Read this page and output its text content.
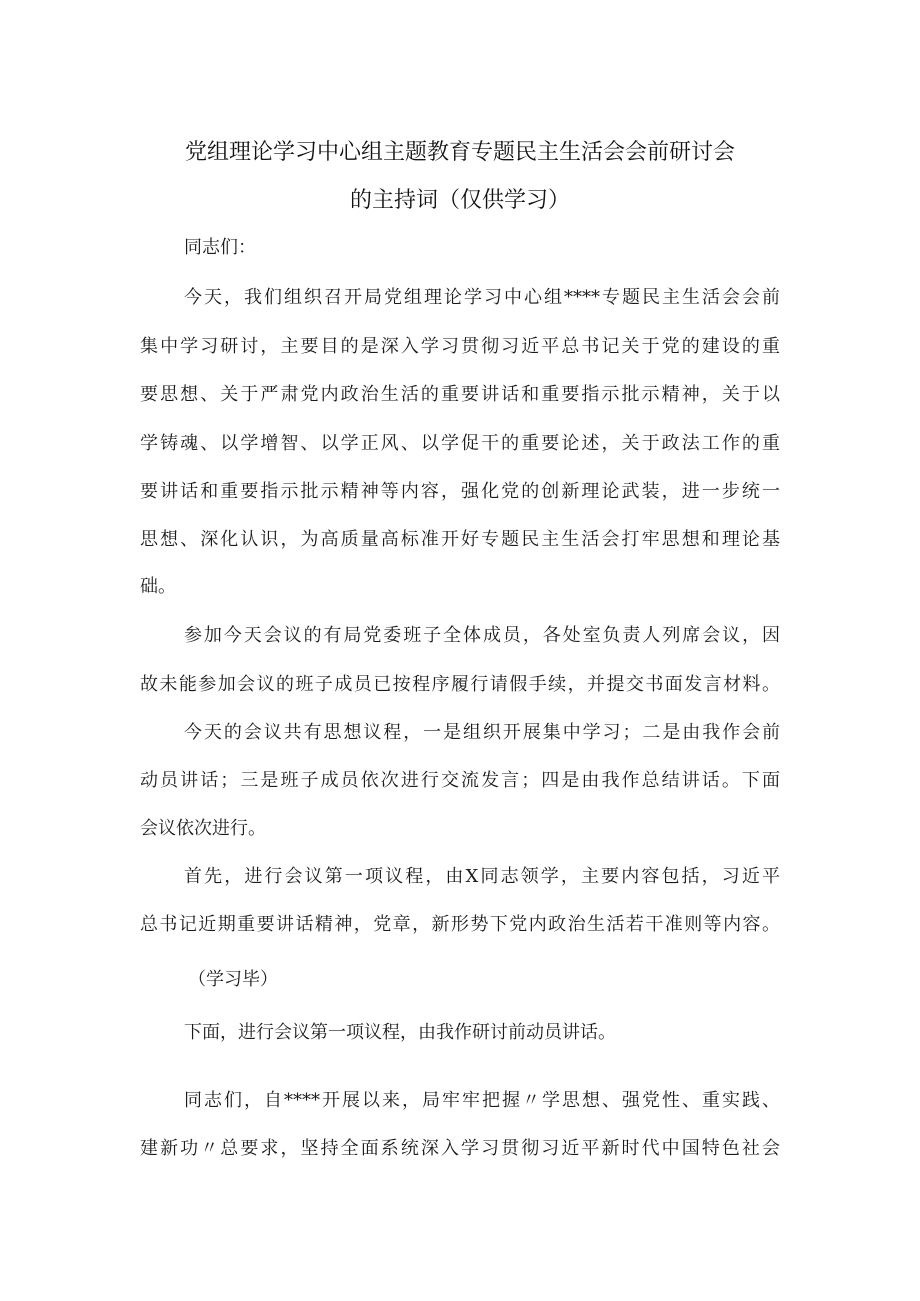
党组理论学习中心组主题教育专题民主生活会会前研讨会
的主持词（仅供学习）
同志们：
今天，我们组织召开局党组理论学习中心组****专题民主生活会会前
集中学习研讨，主要目的是深入学习贯彻习近平总书记关于党的建设的重
要思想、关于严肃党内政治生活的重要讲话和重要指示批示精神，关于以
学铸魂、以学增智、以学正风、以学促干的重要论述，关于政法工作的重
要讲话和重要指示批示精神等内容，强化党的创新理论武装，进一步统一
思想、深化认识，为高质量高标准开好专题民主生活会打牢思想和理论基
础。
参加今天会议的有局党委班子全体成员，各处室负责人列席会议，因
故未能参加会议的班子成员已按程序履行请假手续，并提交书面发言材料。
今天的会议共有思想议程，一是组织开展集中学习；二是由我作会前
动员讲话；三是班子成员依次进行交流发言；四是由我作总结讲话。下面
会议依次进行。
首先，进行会议第一项议程，由X同志领学，主要内容包括，习近平
总书记近期重要讲话精神，党章，新形势下党内政治生活若干准则等内容。
（学习毕）
下面，进行会议第一项议程，由我作研讨前动员讲话。
同志们，自****开展以来，局牢牢把握〃学思想、强党性、重实践、
建新功〃总要求，坚持全面系统深入学习贯彻习近平新时代中国特色社会
